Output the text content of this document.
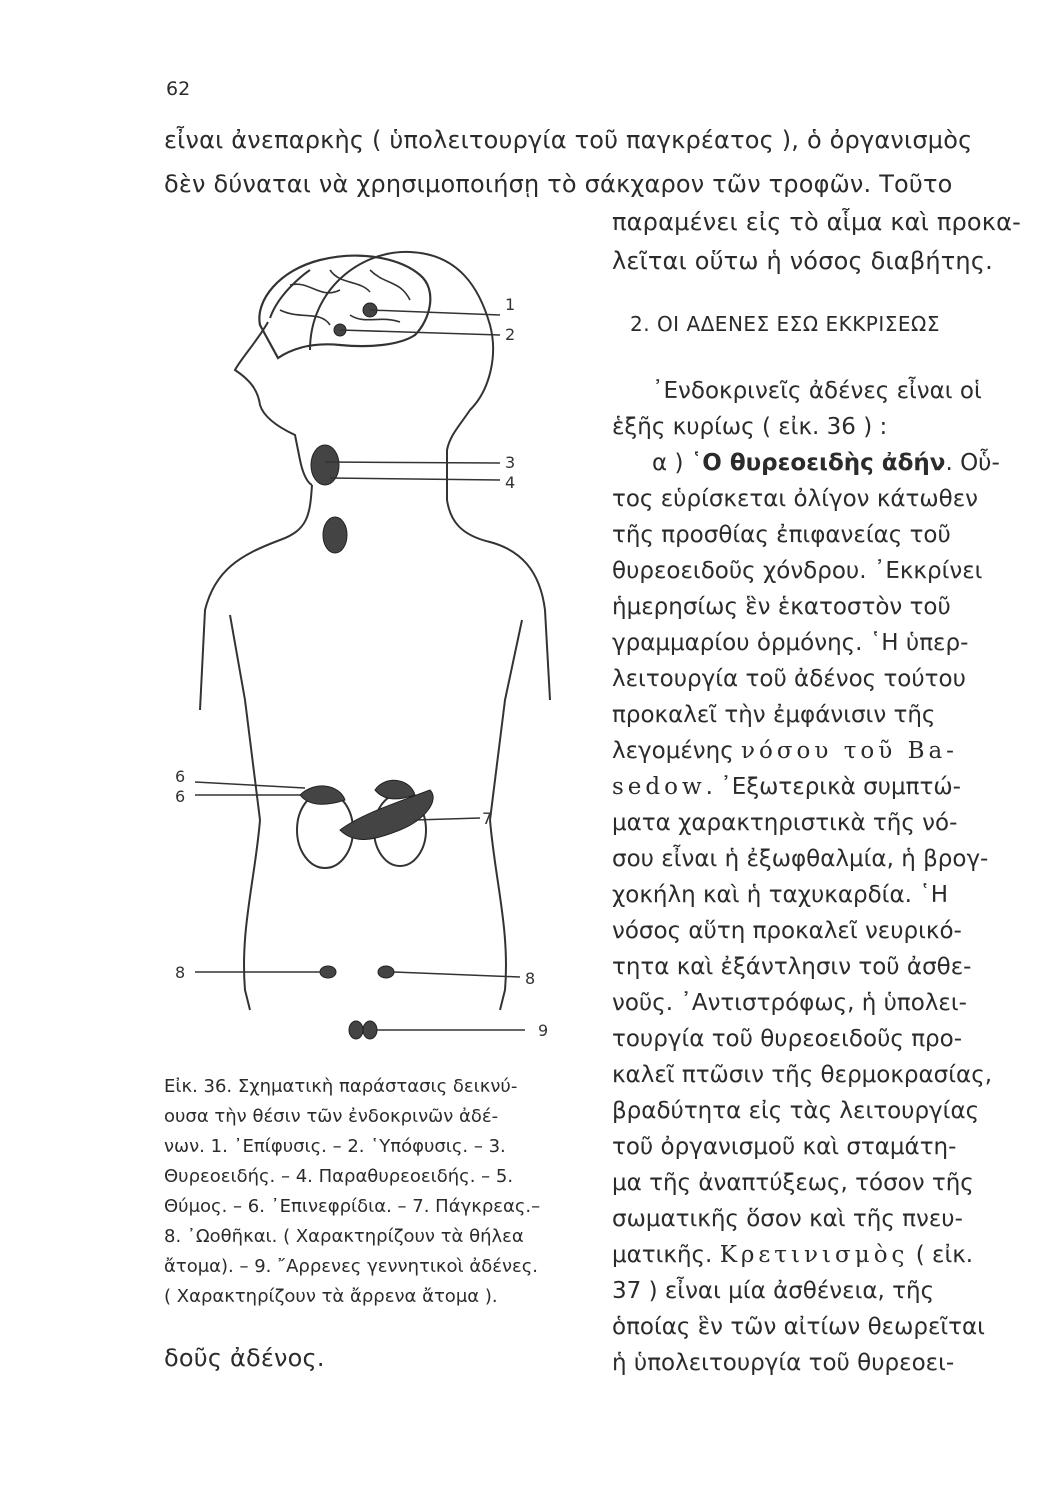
62
εἶναι ἀνεπαρκὴς ( ὑπολειτουργία τοῦ παγκρέατος ), ὁ ὀργανισμὸς
δὲν δύναται νὰ χρησιμοποιήσῃ τὸ σάκχαρον τῶν τροφῶν. Τοῦτο
παραμένει εἰς τὸ αἷμα καὶ προκα-
λεῖται οὕτω ἡ νόσος διαβήτης.
2. ΟΙ ΑΔΕΝΕΣ ΕΣΩ ΕΚΚΡΙΣΕΩΣ
᾿Ενδοκρινεῖς ἀδένες εἶναι οἱ
ἑξῆς κυρίως ( εἰκ. 36 ) :
α ) ῾Ο θυρεοειδὴς ἀδήν. Οὗ-
τος εὑρίσκεται ὀλίγον κάτωθεν
τῆς προσθίας ἐπιφανείας τοῦ
θυρεοειδοῦς χόνδρου. ᾿Εκκρίνει
ἡμερησίως ἓν ἑκατοστὸν τοῦ
γραμμαρίου ὁρμόνης. ῾Η ὑπερ-
λειτουργία τοῦ ἀδένος τούτου
προκαλεῖ τὴν ἐμφάνισιν τῆς
λεγομένης νόσου τοῦ Ba-
sedow. ᾿Εξωτερικὰ συμπτώ-
ματα χαρακτηριστικὰ τῆς νό-
σου εἶναι ἡ ἐξωφθαλμία, ἡ βρογ-
χοκήλη καὶ ἡ ταχυκαρδία. ῾Η
νόσος αὕτη προκαλεῖ νευρικό-
τητα καὶ ἐξάντλησιν τοῦ ἀσθε-
νοῦς. ᾿Αντιστρόφως, ἡ ὑπολει-
τουργία τοῦ θυρεοειδοῦς προ-
καλεῖ πτῶσιν τῆς θερμοκρασίας,
βραδύτητα εἰς τὰς λειτουργίας
τοῦ ὀργανισμοῦ καὶ σταμάτη-
μα τῆς ἀναπτύξεως, τόσον τῆς
σωματικῆς ὅσον καὶ τῆς πνευ-
ματικῆς. Κρετινισμὸς ( εἰκ.
37 ) εἶναι μία ἀσθένεια, τῆς
ὁποίας ἓν τῶν αἰτίων θεωρεῖται
ἡ ὑπολειτουργία τοῦ θυρεοει-
1
2
3
4
6
6
7
8	8
9
Εἰκ. 36. Σχηματικὴ παράστασις δεικνύ-
ουσα τὴν θέσιν τῶν ἐνδοκρινῶν ἀδέ-
νων. 1. ᾿Επίφυσις. – 2. ῾Υπόφυσις. – 3.
Θυρεοειδής. – 4. Παραθυρεοειδής. – 5.
Θύμος. – 6. ᾿Επινεφρίδια. – 7. Πάγκρεας.–
8. ᾿Ωοθῆκαι. ( Χαρακτηρίζουν τὰ θήλεα
ἄτομα). – 9. ῎Αρρενες γεννητικοὶ ἀδένες.
( Χαρακτηρίζουν τὰ ἄρρενα ἄτομα ).
δοῦς ἀδένος.
